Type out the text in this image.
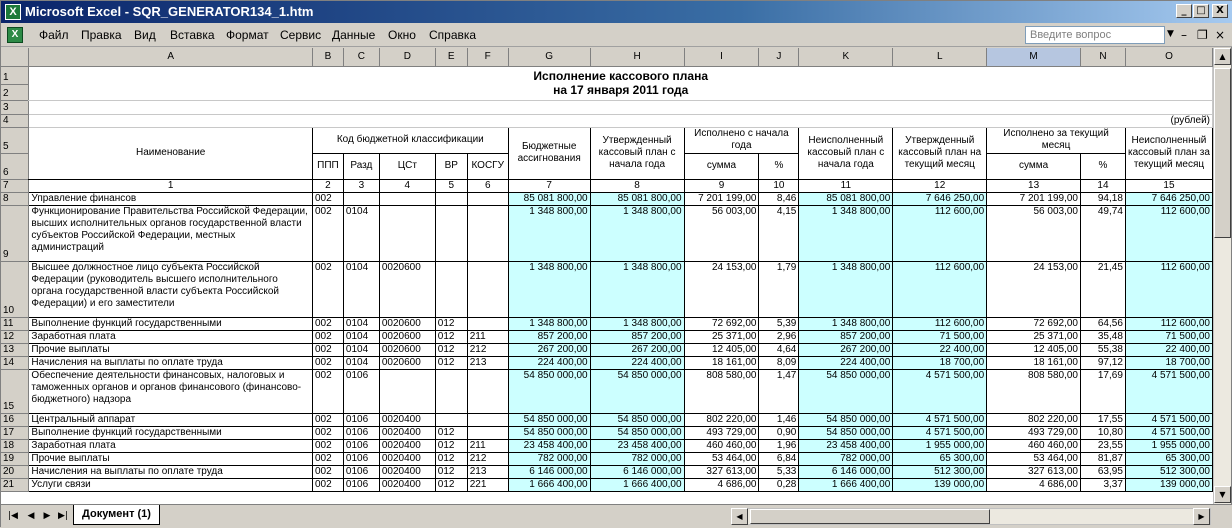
X Microsoft Excel - SQR_GENERATOR134_1.htm	_ □	X
X	Файл Правка Вид Вставка Формат Сервис Данные Окно Справка	Введите вопрос	▼ – ❐ ×
	A	B	C	D	E	F	G	H	I	J	K	L	M	N	O
1	Исполнение кассового плана
на 17 января 2011 года														

2															
3															
4	(рублей)														
5	Наименование	Код бюджетной классификации					Бюджетные ассигнования	Утвержденный кассовый план с начала года	Исполнено с начала года		Неисполненный кассовый план с начала года	Утвержденный кассовый план на текущий месяц	Исполнено за текущий месяц		Неисполненный кассовый план за текущий месяц
6		ППП	Разд	ЦСт	ВР	КОСГУ			сумма	%			сумма	%	
7	1	2	3	4	5	6	7	8	9	10	11	12	13	14	15
8	Управление финансов	002					85 081 800,00	85 081 800,00	7 201 199,00	8,46	85 081 800,00	7 646 250,00	7 201 199,00	94,18	7 646 250,00
9	Функционирование Правительства Российской Федерации, высших исполнительных органов государственной власти субъектов Российской Федерации, местных администраций	002	0104				1 348 800,00	1 348 800,00	56 003,00	4,15	1 348 800,00	112 600,00	56 003,00	49,74	112 600,00
10	Высшее должностное лицо субъекта Российской Федерации (руководитель высшего исполнительного органа государственной власти субъекта Российской Федерации) и его заместители	002	0104	0020600			1 348 800,00	1 348 800,00	24 153,00	1,79	1 348 800,00	112 600,00	24 153,00	21,45	112 600,00
11	Выполнение функций государственными	002	0104	0020600	012		1 348 800,00	1 348 800,00	72 692,00	5,39	1 348 800,00	112 600,00	72 692,00	64,56	112 600,00
12	Заработная плата	002	0104	0020600	012	211	857 200,00	857 200,00	25 371,00	2,96	857 200,00	71 500,00	25 371,00	35,48	71 500,00
13	Прочие выплаты	002	0104	0020600	012	212	267 200,00	267 200,00	12 405,00	4,64	267 200,00	22 400,00	12 405,00	55,38	22 400,00
14	Начисления на выплаты по оплате труда	002	0104	0020600	012	213	224 400,00	224 400,00	18 161,00	8,09	224 400,00	18 700,00	18 161,00	97,12	18 700,00
15	Обеспечение деятельности финансовых, налоговых и таможенных органов и органов финансового (финансово-бюджетного) надзора	002	0106				54 850 000,00	54 850 000,00	808 580,00	1,47	54 850 000,00	4 571 500,00	808 580,00	17,69	4 571 500,00
16	Центральный аппарат	002	0106	0020400			54 850 000,00	54 850 000,00	802 220,00	1,46	54 850 000,00	4 571 500,00	802 220,00	17,55	4 571 500,00
17	Выполнение функций государственными	002	0106	0020400	012		54 850 000,00	54 850 000,00	493 729,00	0,90	54 850 000,00	4 571 500,00	493 729,00	10,80	4 571 500,00
18	Заработная плата	002	0106	0020400	012	211	23 458 400,00	23 458 400,00	460 460,00	1,96	23 458 400,00	1 955 000,00	460 460,00	23,55	1 955 000,00
19	Прочие выплаты	002	0106	0020400	012	212	782 000,00	782 000,00	53 464,00	6,84	782 000,00	65 300,00	53 464,00	81,87	65 300,00
20	Начисления на выплаты по оплате труда	002	0106	0020400	012	213	6 146 000,00	6 146 000,00	327 613,00	5,33	6 146 000,00	512 300,00	327 613,00	63,95	512 300,00
21	Услуги связи	002	0106	0020400	012	221	1 666 400,00	1 666 400,00	4 686,00	0,28	1 666 400,00	139 000,00	4 686,00	3,37	139 000,00
▲
▼
|◀ ◀ ▶ ▶|	Документ (1)	◀	▶
